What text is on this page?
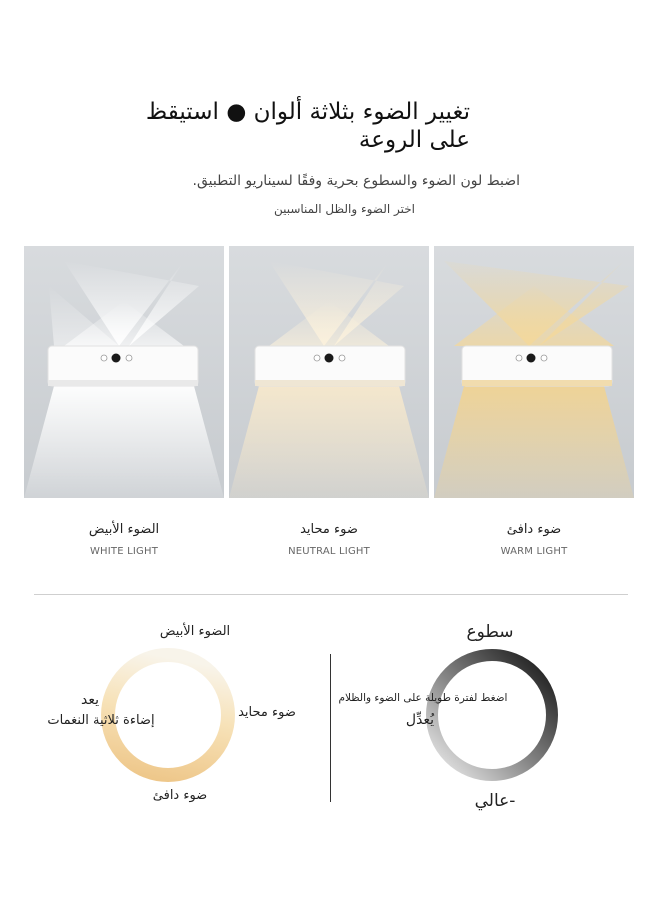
تغيير الضوء بثلاثة ألوان ● استيقظ على الروعة
اضبط لون الضوء والسطوع بحرية وفقًا لسيناريو التطبيق.
اختر الضوء والظل المناسبين
الضوء الأبيض
WHITE LIGHT
ضوء محايد
NEUTRAL LIGHT
ضوء دافئ
WARM LIGHT
الضوء الأبيض
ضوء محايد
ضوء دافئ
يعد
إضاءة ثلاثية النغمات
سطوع
اضغط لفترة طويلة على الضوء والظلام
يُعدِّل
-عالي
